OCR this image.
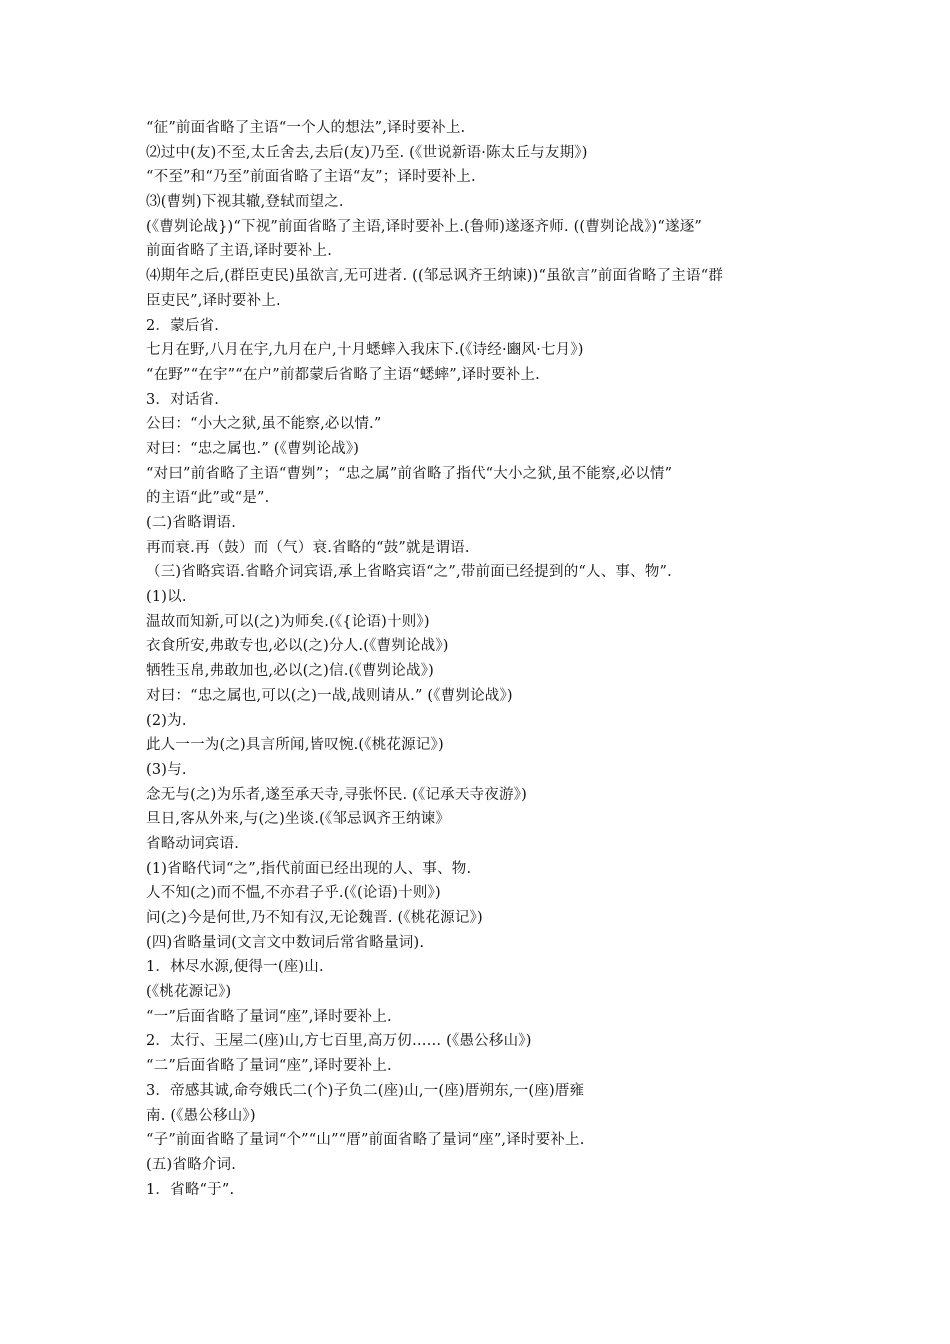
“征”前面省略了主语“一个人的想法”,译时要补上.

⑵过中(友)不至,太丘舍去,去后(友)乃至. (《世说新语·陈太丘与友期》)

“不至”和“乃至”前面省略了主语“友”；译时要补上.

⑶(曹刿)下视其辙,登轼而望之.

(《曹刿论战})“下视”前面省略了主语,译时要补上.(鲁师)遂逐齐师. ((曹刿论战》)“遂逐”

前面省略了主语,译时要补上.

⑷期年之后,(群臣吏民)虽欲言,无可进者. ((邹忌讽齐王纳谏))“虽欲言”前面省略了主语“群

臣吏民”,译时要补上.

2．蒙后省.

七月在野,八月在宇,九月在户,十月蟋蟀入我床下.(《诗经·豳风·七月》)

“在野”“在宇”“在户”前都蒙后省略了主语“蟋蟀”,译时要补上.

3．对话省.

公曰：“小大之狱,虽不能察,必以情.”

对曰：“忠之属也.” (《曹刿论战》)

“对曰”前省略了主语“曹刿”；“忠之属”前省略了指代“大小之狱,虽不能察,必以情”

的主语“此”或“是”.

(二)省略谓语.

再而衰.再（鼓）而（气）衰.省略的“鼓”就是谓语.

（三)省略宾语.省略介词宾语,承上省略宾语“之”,带前面已经提到的“人、事、物”.

(1)以.

温故而知新,可以(之)为师矣.(《{论语)十则》)

衣食所安,弗敢专也,必以(之)分人.(《曹刿论战》)

牺牲玉帛,弗敢加也,必以(之)信.(《曹刿论战》)

对曰：“忠之属也,可以(之)一战,战则请从.” (《曹刿论战》)

(2)为.

此人一一为(之)具言所闻,皆叹惋.(《桃花源记》)

(3)与.

念无与(之)为乐者,遂至承天寺,寻张怀民. (《记承天寺夜游》)

旦日,客从外来,与(之)坐谈.(《邹忌讽齐王纳谏》

省略动词宾语.

(1)省略代词“之”,指代前面已经出现的人、事、物.

人不知(之)而不愠,不亦君子乎.(《(论语)十则》)

问(之)今是何世,乃不知有汉,无论魏晋. (《桃花源记》)

(四)省略量词(文言文中数词后常省略量词).

1．林尽水源,便得一(座)山.

(《桃花源记》)

“一”后面省略了量词“座”,译时要补上.

2．太行、王屋二(座)山,方七百里,高万仞…… (《愚公移山》)

“二”后面省略了量词“座”,译时要补上.

3．帝感其诚,命夸娥氏二(个)子负二(座)山,一(座)厝朔东,一(座)厝雍

南. (《愚公移山》)

“子”前面省略了量词“个”“山”“厝”前面省略了量词“座”,译时要补上.

(五)省略介词.

1．省略“于”.
